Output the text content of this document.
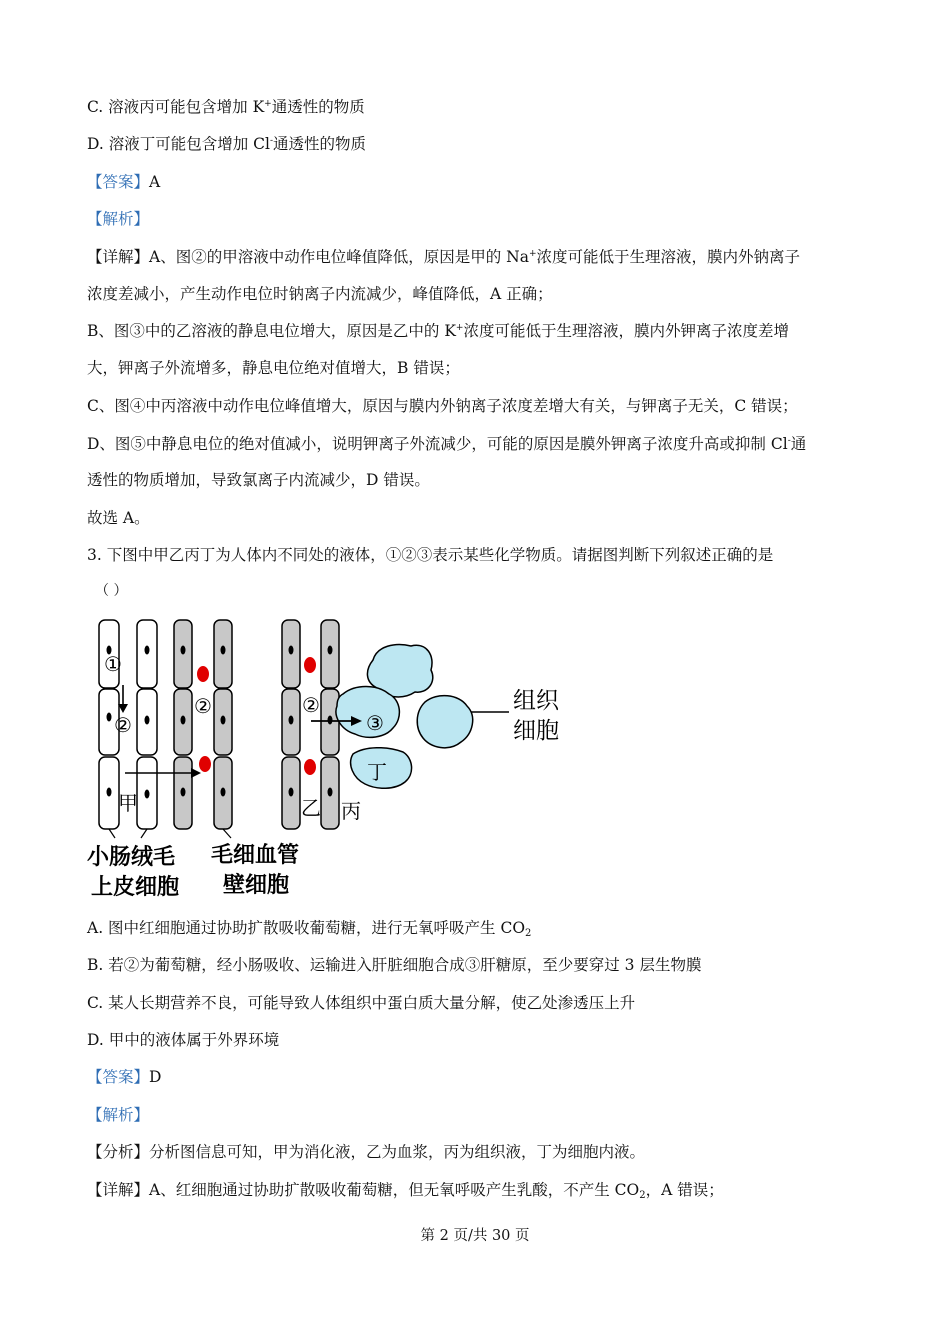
C. 溶液丙可能包含增加 K+通透性的物质
D. 溶液丁可能包含增加 Cl-通透性的物质
【答案】A
【解析】
【详解】A、图②的甲溶液中动作电位峰值降低，原因是甲的 Na+浓度可能低于生理溶液，膜内外钠离子
浓度差减小，产生动作电位时钠离子内流减少，峰值降低，A 正确；
B、图③中的乙溶液的静息电位增大，原因是乙中的 K+浓度可能低于生理溶液，膜内外钾离子浓度差增
大，钾离子外流增多，静息电位绝对值增大，B 错误；
C、图④中丙溶液中动作电位峰值增大，原因与膜内外钠离子浓度差增大有关，与钾离子无关，C 错误；
D、图⑤中静息电位的绝对值减小，说明钾离子外流减少，可能的原因是膜外钾离子浓度升高或抑制 Cl-通
透性的物质增加，导致氯离子内流减少，D 错误。
故选 A。
3. 下图中甲乙丙丁为人体内不同处的液体，①②③表示某些化学物质。请据图判断下列叙述正确的是
（ ）
①
②
②	②
③
甲	乙 丙
丁
组织
细胞
小肠绒毛
上皮细胞
毛细血管
壁细胞
A. 图中红细胞通过协助扩散吸收葡萄糖，进行无氧呼吸产生 $CO_2$
B. 若②为葡萄糖，经小肠吸收、运输进入肝脏细胞合成③肝糖原，至少要穿过 3 层生物膜
C. 某人长期营养不良，可能导致人体组织中蛋白质大量分解，使乙处渗透压上升
D. 甲中的液体属于外界环境
【答案】D
【解析】
【分析】分析图信息可知，甲为消化液，乙为血浆，丙为组织液，丁为细胞内液。
【详解】A、红细胞通过协助扩散吸收葡萄糖，但无氧呼吸产生乳酸，不产生 $CO_2$，A 错误；
第 2 页/共 30 页
